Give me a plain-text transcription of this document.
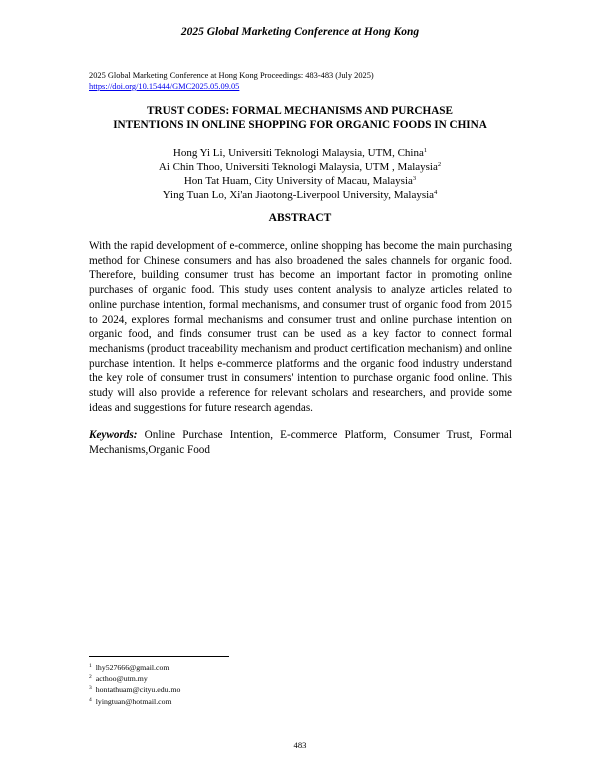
2025 Global Marketing Conference at Hong Kong
2025 Global Marketing Conference at Hong Kong Proceedings: 483-483 (July 2025)
https://doi.org/10.15444/GMC2025.05.09.05
TRUST CODES: FORMAL MECHANISMS AND PURCHASE
INTENTIONS IN ONLINE SHOPPING FOR ORGANIC FOODS IN CHINA
Hong Yi Li, Universiti Teknologi Malaysia, UTM, China$^1$
Ai Chin Thoo, Universiti Teknologi Malaysia, UTM , Malaysia$^2$
Hon Tat Huam, City University of Macau, Malaysia$^3$
Ying Tuan Lo, Xi'an Jiaotong-Liverpool University, Malaysia$^4$
ABSTRACT
With the rapid development of e-commerce, online shopping has become the main purchasing method for Chinese consumers and has also broadened the sales channels for organic food. Therefore, building consumer trust has become an important factor in promoting online purchases of organic food. This study uses content analysis to analyze articles related to online purchase intention, formal mechanisms, and consumer trust of organic food from 2015 to 2024, explores formal mechanisms and consumer trust and online purchase intention on organic food, and finds consumer trust can be used as a key factor to connect formal mechanisms (product traceability mechanism and product certification mechanism) and online purchase intention. It helps e-commerce platforms and the organic food industry understand the key role of consumer trust in consumers' intention to purchase organic food online. This study will also provide a reference for relevant scholars and researchers, and provide some ideas and suggestions for future research agendas.
Keywords: Online Purchase Intention, E-commerce Platform, Consumer Trust, Formal Mechanisms,Organic Food
$^1$ lhy527666@gmail.com
$^2$ acthoo@utm.my
$^3$ hontathuam@cityu.edu.mo
$^4$ lyingtuan@hotmail.com
483
